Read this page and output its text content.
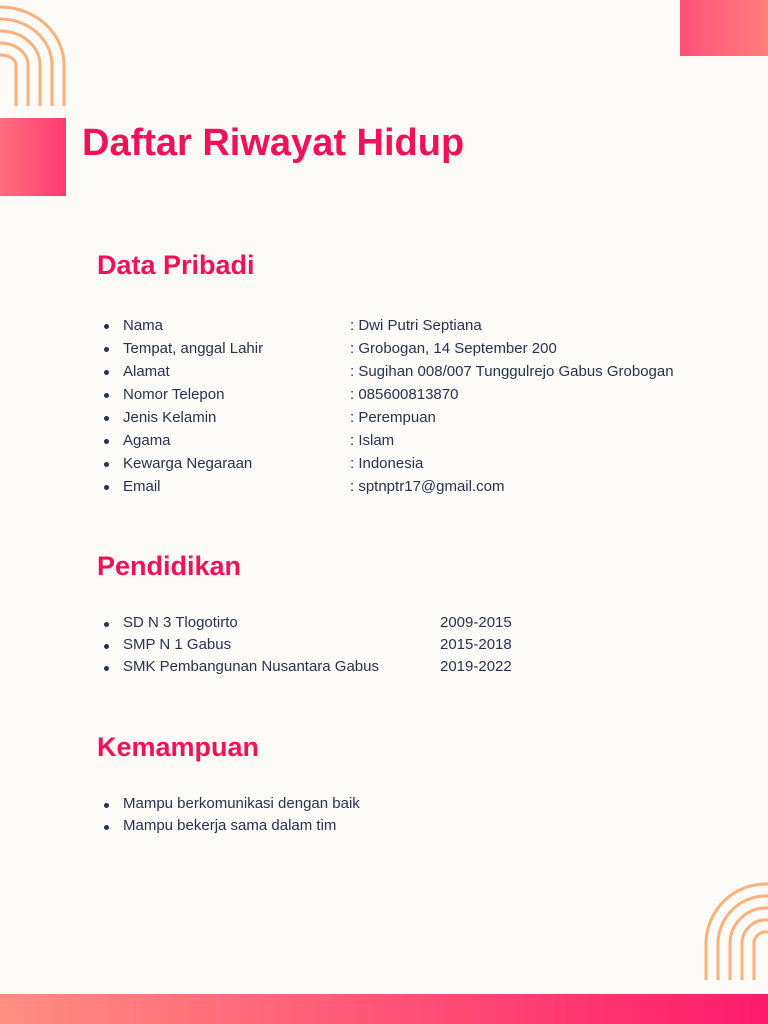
Daftar Riwayat Hidup
Data Pribadi
Nama	: Dwi Putri Septiana
Tempat, anggal Lahir	: Grobogan, 14 September 200
Alamat	: Sugihan 008/007 Tunggulrejo Gabus Grobogan
Nomor Telepon	: 085600813870
Jenis Kelamin	: Perempuan
Agama	: Islam
Kewarga Negaraan	: Indonesia
Email	: sptnptr17@gmail.com
Pendidikan
SD N 3 Tlogotirto	2009-2015
SMP N 1 Gabus	2015-2018
SMK Pembangunan Nusantara Gabus	2019-2022
Kemampuan
Mampu berkomunikasi dengan baik
Mampu bekerja sama dalam tim
